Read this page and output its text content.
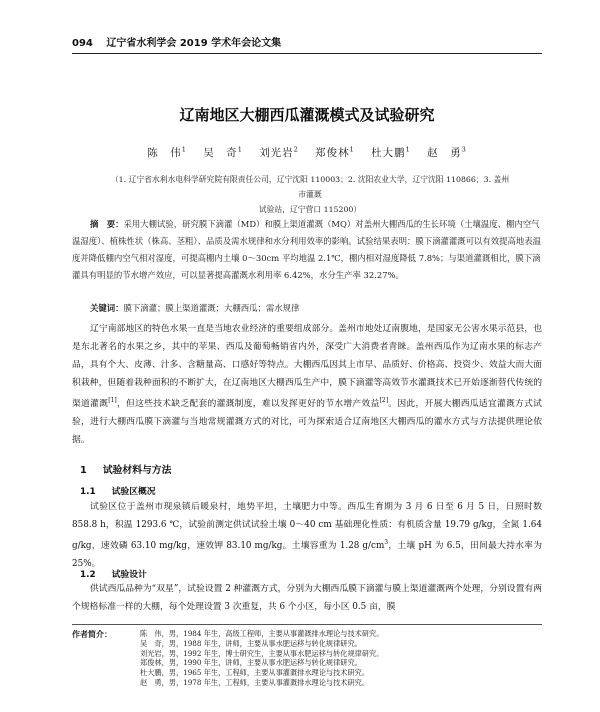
094 辽宁省水利学会 2019 学术年会论文集
辽南地区大棚西瓜灌溉模式及试验研究
陈　伟$^1$ 吴　奇$^1$ 刘光岩$^2$ 郑俊林$^1$ 杜大鹏$^1$ 赵　勇$^3$
（1. 辽宁省水利水电科学研究院有限责任公司，辽宁沈阳 110003；2. 沈阳农业大学，辽宁沈阳 110866；3. 盖州市灌溉
试验站，辽宁营口 115200）
摘　要：采用大棚试验，研究膜下滴灌（MD）和膜上渠道灌溉（MQ）对盖州大棚西瓜的生长环境（土壤温度、棚内空气温湿度）、植株性状（株高、茎粗）、品质及需水规律和水分利用效率的影响。试验结果表明：膜下滴灌灌溉可以有效提高地表温度并降低棚内空气相对湿度，可提高棚内土壤 0～30cm 平均地温 2.1℃，棚内相对湿度降低 7.8%；与渠道灌溉相比，膜下滴灌具有明显的节水增产效应，可以显著提高灌溉水利用率 6.42%，水分生产率 32.27%。
关键词：膜下滴灌；膜上渠道灌溉；大棚西瓜；需水规律
辽宁南部地区的特色水果一直是当地农业经济的重要组成部分。盖州市地处辽南腹地，是国家无公害水果示范县，也是东北著名的水果之乡，其中的苹果、西瓜及葡萄畅销省内外，深受广大消费者青睐。盖州西瓜作为辽南水果的标志产品，具有个大、皮薄、汁多、含糖量高、口感好等特点。大棚西瓜因其上市早、品质好、价格高、投资少、效益大而大面积栽种，但随着栽种面积的不断扩大，在辽南地区大棚西瓜生产中，膜下滴灌等高效节水灌溉技术已开始逐渐替代传统的渠道灌溉[1]，但这些技术缺乏配套的灌溉制度，难以发挥更好的节水增产效益[2]。因此，开展大棚西瓜适宜灌溉方式试验，进行大棚西瓜膜下滴灌与当地常规灌溉方式的对比，可为探索适合辽南地区大棚西瓜的灌水方式与方法提供理论依据。
1 试验材料与方法
1.1 试验区概况
试验区位于盖州市现泉镇后暖泉村，地势平坦，土壤肥力中等。西瓜生育期为 3 月 6 日至 6 月 5 日，日照时数 858.8 h，积温 1293.6 ℃，试验前测定供试试验土壤 0～40 cm 基础理化性质：有机质含量 19.79 g/kg，全氮 1.64 g/kg，速效磷 63.10 mg/kg，速效钾 83.10 mg/kg。土壤容重为 1.28 $g/cm^3$，土壤 pH 为 6.5，田间最大持水率为 25%。
1.2 试验设计
供试西瓜品种为“双星”，试验设置 2 种灌溉方式，分别为大棚西瓜膜下滴灌与膜上渠道灌溉两个处理，分别设置有两个规格标准一样的大棚，每个处理设置 3 次重复，共 6 个小区，每小区 0.5 亩，膜
作者简介：	陈　伟，男，1984 年生，高级工程师，主要从事灌溉排水理论与技术研究。
吴　奇，男，1988 年生，讲师，主要从事水肥运移与转化规律研究。
刘光岩，男，1992 年生，博士研究生，主要从事水肥运移与转化规律研究。
郑俊林，男，1990 年生，讲师，主要从事水肥运移与转化规律研究。
杜大鹏，男，1965 年生，工程师，主要从事灌溉排水理论与技术研究。
赵　勇，男，1978 年生，工程师，主要从事灌溉排水理论与技术研究。
